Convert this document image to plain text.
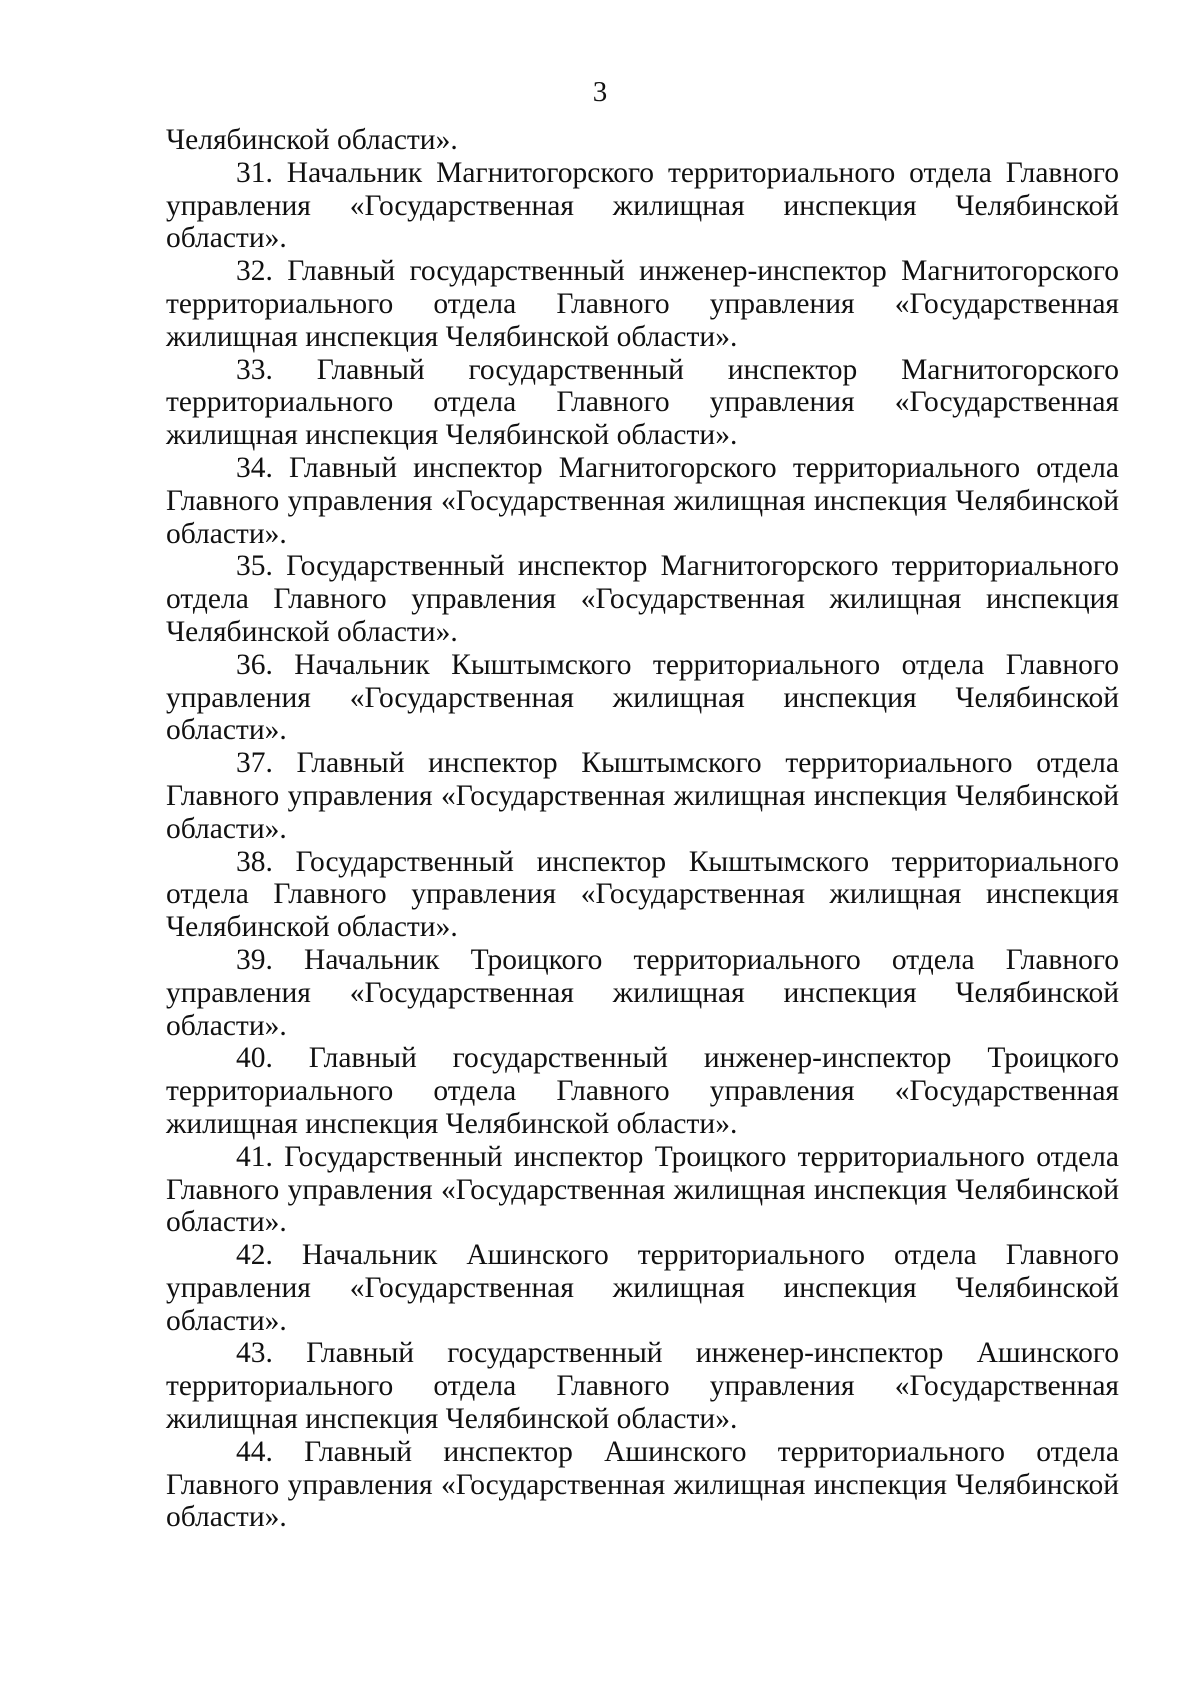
3

Челябинской области».

31. Начальник Магнитогорского территориального отдела Главного управления «Государственная жилищная инспекция Челябинской области».

32. Главный государственный инженер-инспектор Магнитогорского территориального отдела Главного управления «Государственная жилищная инспекция Челябинской области».

33. Главный государственный инспектор Магнитогорского территориального отдела Главного управления «Государственная жилищная инспекция Челябинской области».

34. Главный инспектор Магнитогорского территориального отдела Главного управления «Государственная жилищная инспекция Челябинской области».

35. Государственный инспектор Магнитогорского территориального отдела Главного управления «Государственная жилищная инспекция Челябинской области».

36. Начальник Кыштымского территориального отдела Главного управления «Государственная жилищная инспекция Челябинской области».

37. Главный инспектор Кыштымского территориального отдела Главного управления «Государственная жилищная инспекция Челябинской области».

38. Государственный инспектор Кыштымского территориального отдела Главного управления «Государственная жилищная инспекция Челябинской области».

39. Начальник Троицкого территориального отдела Главного управления «Государственная жилищная инспекция Челябинской области».

40. Главный государственный инженер-инспектор Троицкого территориального отдела Главного управления «Государственная жилищная инспекция Челябинской области».

41. Государственный инспектор Троицкого территориального отдела Главного управления «Государственная жилищная инспекция Челябинской области».

42. Начальник Ашинского территориального отдела Главного управления «Государственная жилищная инспекция Челябинской области».

43. Главный государственный инженер-инспектор Ашинского территориального отдела Главного управления «Государственная жилищная инспекция Челябинской области».

44. Главный инспектор Ашинского территориального отдела Главного управления «Государственная жилищная инспекция Челябинской области».
